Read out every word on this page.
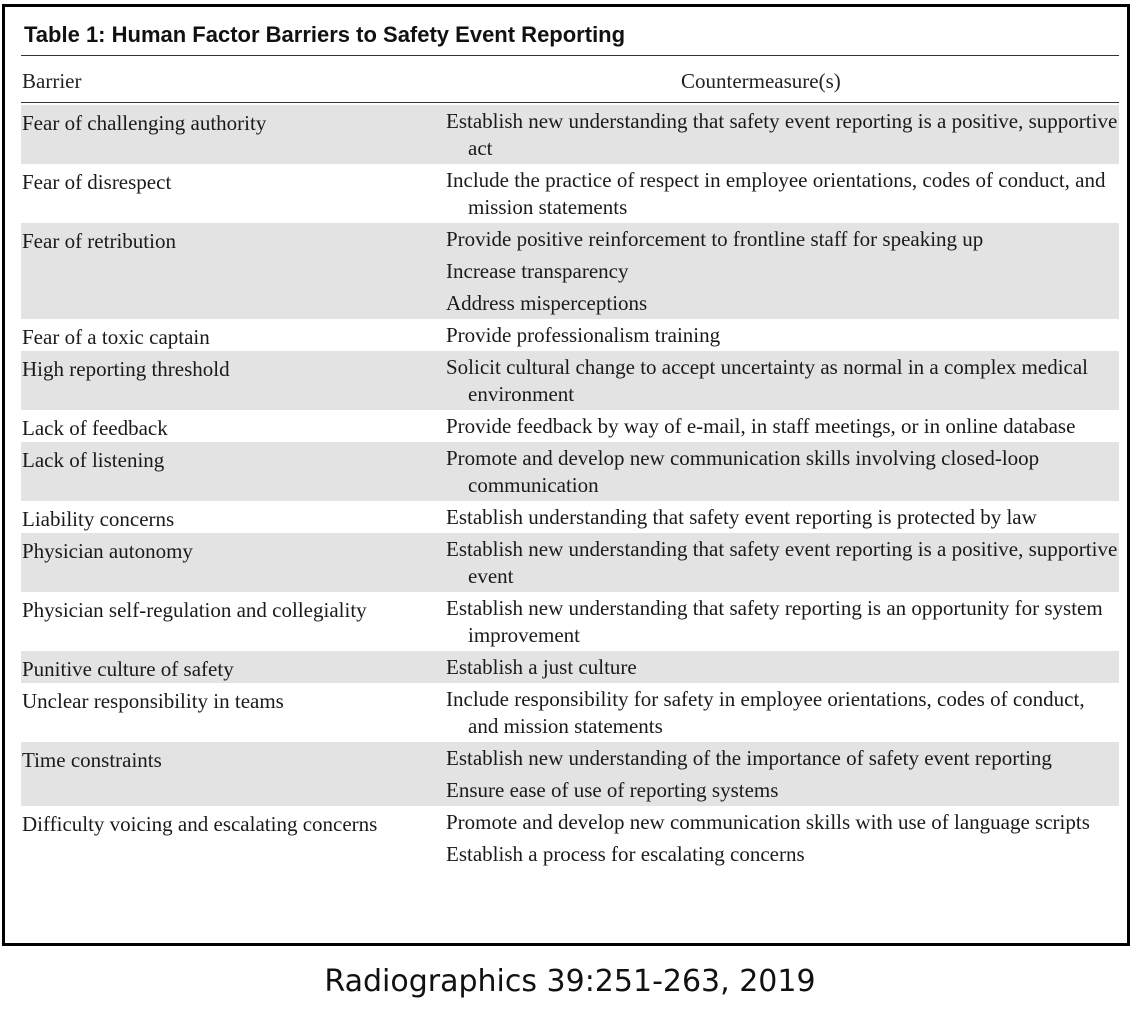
Table 1: Human Factor Barriers to Safety Event Reporting
Barrier	Countermeasure(s)
Fear of challenging authority	Establish new understanding that safety event reporting is a positive, supportive act
Fear of disrespect	Include the practice of respect in employee orientations, codes of conduct, and mission statements
Fear of retribution	Provide positive reinforcement to frontline staff for speaking up
Increase transparency
Address misperceptions
Fear of a toxic captain	Provide professionalism training
High reporting threshold	Solicit cultural change to accept uncertainty as normal in a complex medical environment
Lack of feedback	Provide feedback by way of e-mail, in staff meetings, or in online database
Lack of listening	Promote and develop new communication skills involving closed-loop communication
Liability concerns	Establish understanding that safety event reporting is protected by law
Physician autonomy	Establish new understanding that safety event reporting is a positive, supportive event
Physician self-regulation and collegiality	Establish new understanding that safety reporting is an opportunity for system improvement
Punitive culture of safety	Establish a just culture
Unclear responsibility in teams	Include responsibility for safety in employee orientations, codes of conduct, and mission statements
Time constraints	Establish new understanding of the importance of safety event reporting
Ensure ease of use of reporting systems
Difficulty voicing and escalating concerns	Promote and develop new communication skills with use of language scripts
Establish a process for escalating concerns
Radiographics 39:251-263, 2019
